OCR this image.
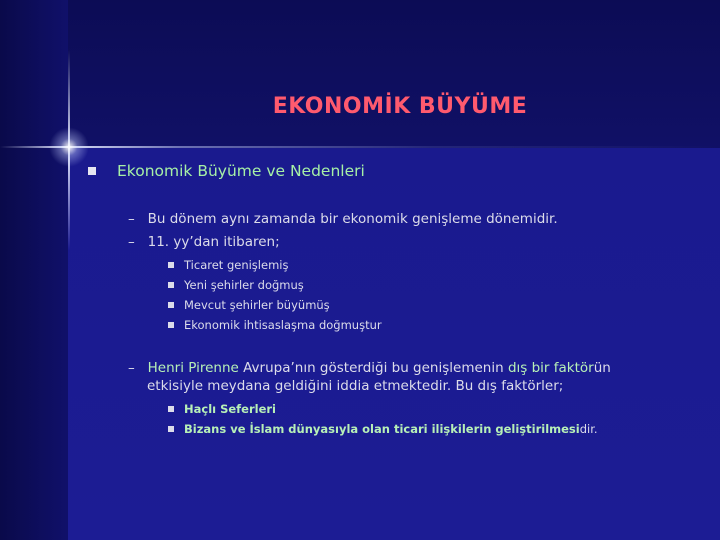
EKONOMİK BÜYÜME
Ekonomik Büyüme ve Nedenleri
– Bu dönem aynı zamanda bir ekonomik genişleme dönemidir.
– 11. yy’dan itibaren;
Ticaret genişlemiş
Yeni şehirler doğmuş
Mevcut şehirler büyümüş
Ekonomik ihtisaslaşma doğmuştur
– Henri Pirenne Avrupa’nın gösterdiği bu genişlemenin dış bir faktörün
etkisiyle meydana geldiğini iddia etmektedir. Bu dış faktörler;
Haçlı Seferleri
Bizans ve İslam dünyasıyla olan ticari ilişkilerin geliştirilmesidir.
